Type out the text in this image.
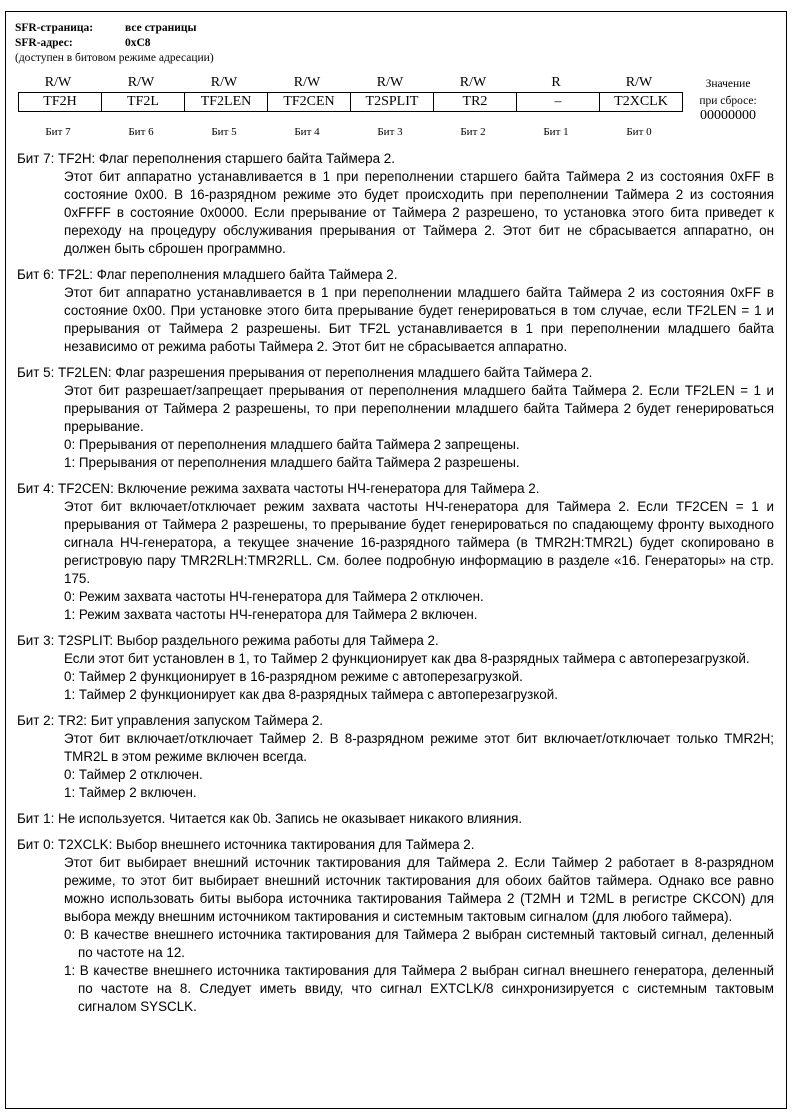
SFR-страница:	все страницы
SFR-адрес:	0xC8
(доступен в битовом режиме адресации)
R/W	R/W	R/W	R/W	R/W	R/W	R	R/W
TF2H	TF2L	TF2LEN	TF2CEN	T2SPLIT	TR2	–	T2XCLK
Бит 7	Бит 6	Бит 5	Бит 4	Бит 3	Бит 2	Бит 1	Бит 0
Значение
при сбросе:
00000000
Бит 7: TF2H: Флаг переполнения старшего байта Таймера 2.
Этот бит аппаратно устанавливается в 1 при переполнении старшего байта Таймера 2 из состояния 0xFF в состояние 0x00. В 16-разрядном режиме это будет происходить при переполнении Таймера 2 из состояния 0xFFFF в состояние 0x0000. Если прерывание от Таймера 2 разрешено, то установка этого бита приведет к переходу на процедуру обслуживания прерывания от Таймера 2. Этот бит не сбрасывается аппаратно, он должен быть сброшен программно.
Бит 6: TF2L: Флаг переполнения младшего байта Таймера 2.
Этот бит аппаратно устанавливается в 1 при переполнении младшего байта Таймера 2 из состояния 0xFF в состояние 0x00. При установке этого бита прерывание будет генерироваться в том случае, если TF2LEN = 1 и прерывания от Таймера 2 разрешены. Бит TF2L устанавливается в 1 при переполнении младшего байта независимо от режима работы Таймера 2. Этот бит не сбрасывается аппаратно.
Бит 5: TF2LEN: Флаг разрешения прерывания от переполнения младшего байта Таймера 2.
Этот бит разрешает/запрещает прерывания от переполнения младшего байта Таймера 2. Если TF2LEN = 1 и прерывания от Таймера 2 разрешены, то при переполнении младшего байта Таймера 2 будет генерироваться прерывание.
0: Прерывания от переполнения младшего байта Таймера 2 запрещены.
1: Прерывания от переполнения младшего байта Таймера 2 разрешены.
Бит 4: TF2CEN: Включение режима захвата частоты НЧ-генератора для Таймера 2.
Этот бит включает/отключает режим захвата частоты НЧ-генератора для Таймера 2. Если TF2CEN = 1 и прерывания от Таймера 2 разрешены, то прерывание будет генерироваться по спадающему фронту выходного сигнала НЧ-генератора, а текущее значение 16-разрядного таймера (в TMR2H:TMR2L) будет скопировано в регистровую пару TMR2RLH:TMR2RLL. См. более подробную информацию в разделе «16. Генераторы» на стр. 175.
0: Режим захвата частоты НЧ-генератора для Таймера 2 отключен.
1: Режим захвата частоты НЧ-генератора для Таймера 2 включен.
Бит 3: T2SPLIT: Выбор раздельного режима работы для Таймера 2.
Если этот бит установлен в 1, то Таймер 2 функционирует как два 8-разрядных таймера с автоперезагрузкой.
0: Таймер 2 функционирует в 16-разрядном режиме с автоперезагрузкой.
1: Таймер 2 функционирует как два 8-разрядных таймера с автоперезагрузкой.
Бит 2: TR2: Бит управления запуском Таймера 2.
Этот бит включает/отключает Таймер 2. В 8-разрядном режиме этот бит включает/отключает только TMR2H; TMR2L в этом режиме включен всегда.
0: Таймер 2 отключен.
1: Таймер 2 включен.
Бит 1: Не используется. Читается как 0b. Запись не оказывает никакого влияния.
Бит 0: T2XCLK: Выбор внешнего источника тактирования для Таймера 2.
Этот бит выбирает внешний источник тактирования для Таймера 2. Если Таймер 2 работает в 8-разрядном режиме, то этот бит выбирает внешний источник тактирования для обоих байтов таймера. Однако все равно можно использовать биты выбора источника тактирования Таймера 2 (T2MH и T2ML в регистре CKCON) для выбора между внешним источником тактирования и системным тактовым сигналом (для любого таймера).
0: В качестве внешнего источника тактирования для Таймера 2 выбран системный тактовый сигнал, деленный по частоте на 12.
1: В качестве внешнего источника тактирования для Таймера 2 выбран сигнал внешнего генератора, деленный по частоте на 8. Следует иметь ввиду, что сигнал EXTCLK/8 синхронизируется с системным тактовым сигналом SYSCLK.
